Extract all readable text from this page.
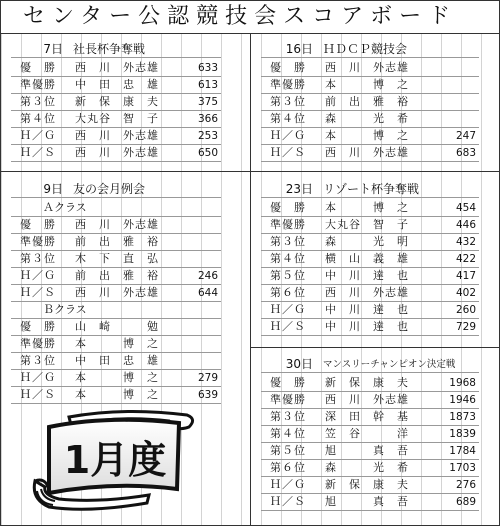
センター公認競技会スコアボード
7日 社長杯争奪戦
優　勝	西　川　外志雄	633
準優勝	中　田　忠　雄	613
第３位	新　保　康　夫	375
第４位	大丸谷　智　子	366
Ｈ／Ｇ	西　川　外志雄	253
Ｈ／Ｓ	西　川　外志雄	650
16日 ＨＤＣＰ競技会
優　勝	西　川　外志雄
準優勝	本　　　博　之
第３位	前　出　雅　裕
第４位	森　　　光　希
Ｈ／Ｇ	本　　　博　之	247
Ｈ／Ｓ	西　川　外志雄	683
9日 友の会月例会
Ａクラス
優　勝	西　川　外志雄
準優勝	前　出　雅　裕
第３位	木　下　直　弘
Ｈ／Ｇ	前　出　雅　裕	246
Ｈ／Ｓ	西　川　外志雄	644
Ｂクラス
優　勝	山　崎　　　勉
準優勝	本　　　博　之
第３位	中　田　忠　雄
Ｈ／Ｇ	本　　　博　之	279
Ｈ／Ｓ	本　　　博　之	639
23日 リゾート杯争奪戦
優　勝	本　　　博　之	454
準優勝	大丸谷　智　子	446
第３位	森　　　光　明	432
第４位	横　山　義　雄	422
第５位	中　川　達　也	417
第６位	西　川　外志雄	402
Ｈ／Ｇ	中　川　達　也	260
Ｈ／Ｓ	中　川　達　也	729
30日 マンスリーチャンピオン決定戦
優　勝	新　保　康　夫	1968
準優勝	西　川　外志雄	1946
第３位	深　田　幹　基	1873
第４位	笠　谷　　　洋	1839
第５位	旭　　　真　吾	1784
第６位	森　　　光　希	1703
Ｈ／Ｇ	新　保　康　夫	276
Ｈ／Ｓ	旭　　　真　吾	689
1月度
